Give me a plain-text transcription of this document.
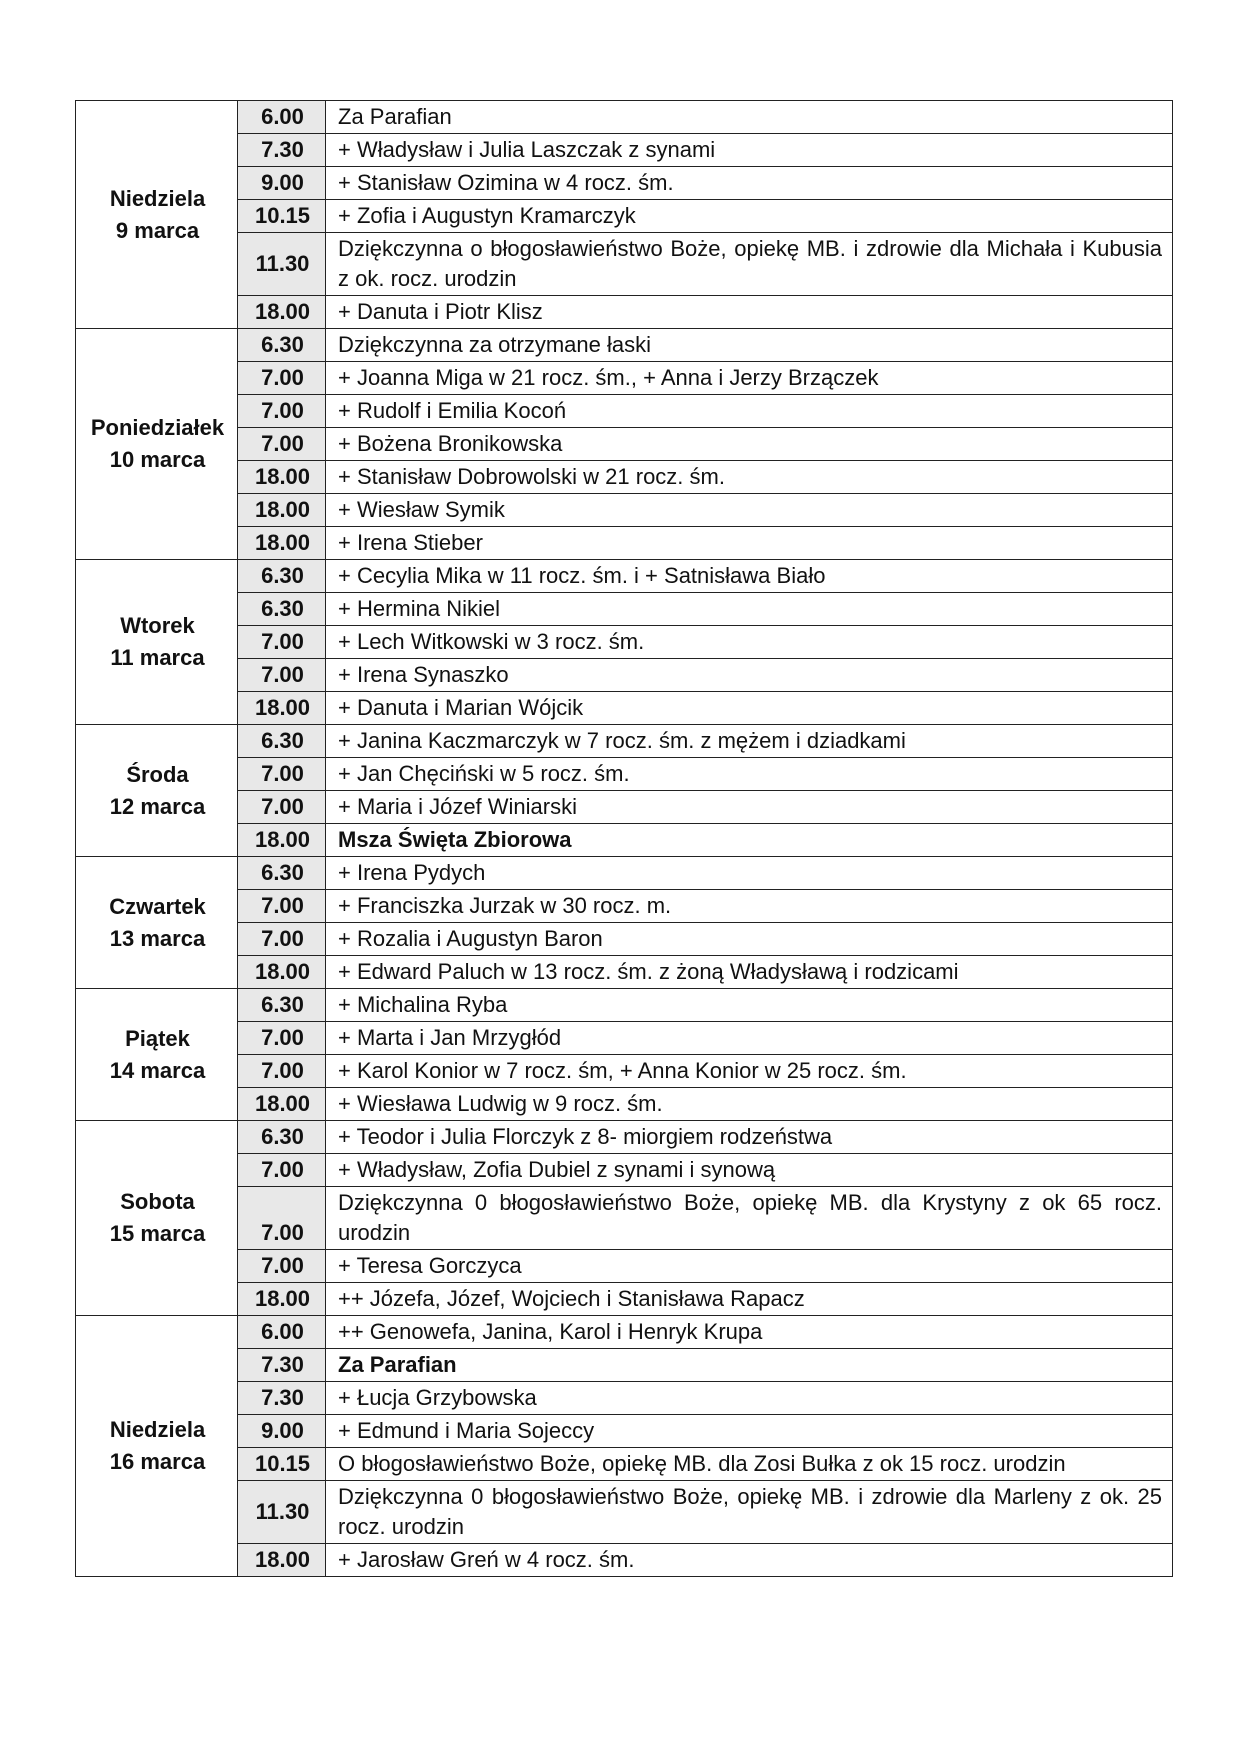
Niedziela
9 marca	6.00	Za Parafian
	7.30	+ Władysław i Julia Laszczak z synami
	9.00	+ Stanisław Ozimina w 4 rocz. śm.
	10.15	+ Zofia i Augustyn Kramarczyk
	11.30	Dziękczynna o błogosławieństwo Boże, opiekę MB. i zdrowie dla Michała i Kubusia z ok. rocz. urodzin
	18.00	+ Danuta i Piotr Klisz

Poniedziałek
10 marca	6.30	Dziękczynna za otrzymane łaski
	7.00	+ Joanna Miga w 21 rocz. śm., + Anna i Jerzy Brzączek
	7.00	+ Rudolf i Emilia Kocoń
	7.00	+ Bożena Bronikowska
	18.00	+ Stanisław Dobrowolski w 21 rocz. śm.
	18.00	+ Wiesław Symik
	18.00	+ Irena Stieber

Wtorek
11 marca	6.30	+ Cecylia Mika w 11 rocz. śm. i + Satnisława Biało
	6.30	+ Hermina Nikiel
	7.00	+ Lech Witkowski w 3 rocz. śm.
	7.00	+ Irena Synaszko
	18.00	+ Danuta i Marian Wójcik

Środa
12 marca	6.30	+ Janina Kaczmarczyk w 7 rocz. śm. z mężem i dziadkami
	7.00	+ Jan Chęciński w 5 rocz. śm.
	7.00	+ Maria i Józef Winiarski
	18.00	Msza Święta Zbiorowa

Czwartek
13 marca	6.30	+ Irena Pydych
	7.00	+ Franciszka Jurzak w 30 rocz. m.
	7.00	+ Rozalia i Augustyn Baron
	18.00	+ Edward Paluch w 13 rocz. śm. z żoną Władysławą i rodzicami

Piątek
14 marca	6.30	+ Michalina Ryba
	7.00	+ Marta i Jan Mrzygłód
	7.00	+ Karol Konior w 7 rocz. śm, + Anna Konior w 25 rocz. śm.
	18.00	+ Wiesława Ludwig w 9 rocz. śm.

Sobota
15 marca	6.30	+ Teodor i Julia Florczyk z 8- miorgiem rodzeństwa
	7.00	+ Władysław, Zofia Dubiel z synami i synową
	7.00	Dziękczynna 0 błogosławieństwo Boże, opiekę MB. dla Krystyny z ok 65 rocz. urodzin
	7.00	+ Teresa Gorczyca
	18.00	++ Józefa, Józef, Wojciech i Stanisława Rapacz

Niedziela
16 marca	6.00	++ Genowefa, Janina, Karol i Henryk Krupa
	7.30	Za Parafian
	7.30	+ Łucja Grzybowska
	9.00	+ Edmund i Maria Sojeccy
	10.15	O błogosławieństwo Boże, opiekę MB. dla Zosi Bułka z ok 15 rocz. urodzin
	11.30	Dziękczynna 0 błogosławieństwo Boże, opiekę MB. i zdrowie dla Marleny z ok. 25 rocz. urodzin
	18.00	+ Jarosław Greń w 4 rocz. śm.
